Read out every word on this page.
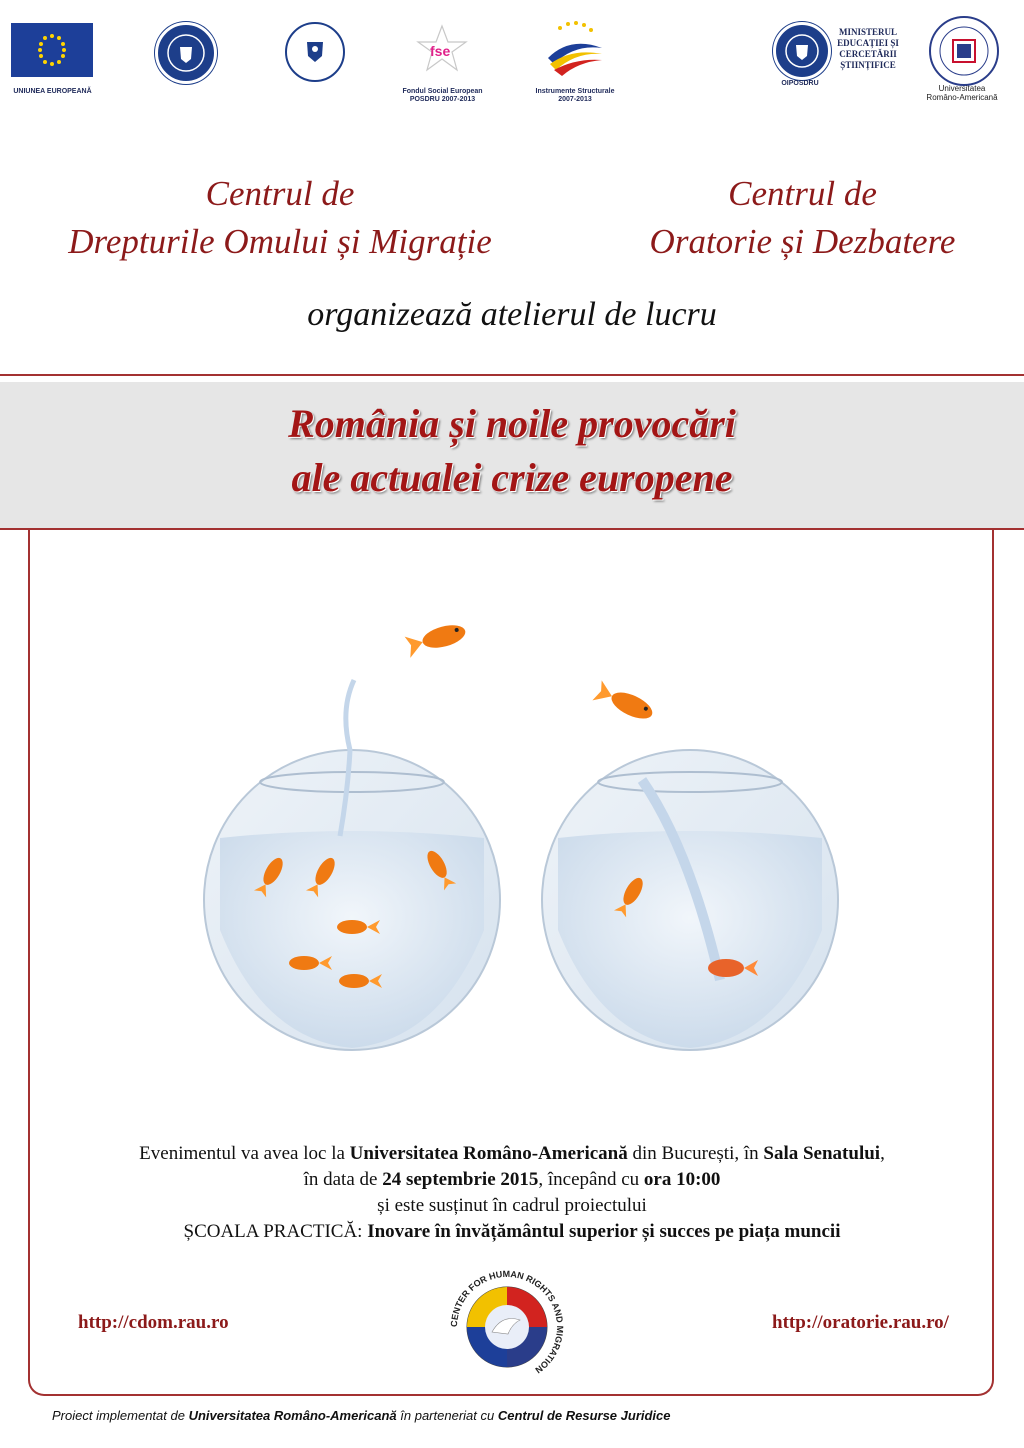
UNIUNEA EUROPEANĂ
fse
Fondul Social European
POSDRU 2007-2013
Instrumente Structurale
2007-2013
MINISTERUL
EDUCAȚIEI ȘI
CERCETĂRII
ȘTIINȚIFICE
OIPOSDRU
Universitatea
Româno-Americană
Centrul de
Drepturile Omului și Migrație
Centrul de
Oratorie și Dezbatere
organizează atelierul de lucru
România și noile provocări
ale actualei crize europene
Evenimentul va avea loc la Universitatea Româno-Americană din București, în Sala Senatului,
în data de 24 septembrie 2015, începând cu ora 10:00
și este susținut în cadrul proiectului
ȘCOALA PRACTICĂ: Inovare în învățământul superior și succes pe piața muncii
http://cdom.rau.ro	http://oratorie.rau.ro/
CENTER FOR HUMAN RIGHTS AND MIGRATION
Proiect implementat de Universitatea Româno-Americană în parteneriat cu Centrul de Resurse Juridice
